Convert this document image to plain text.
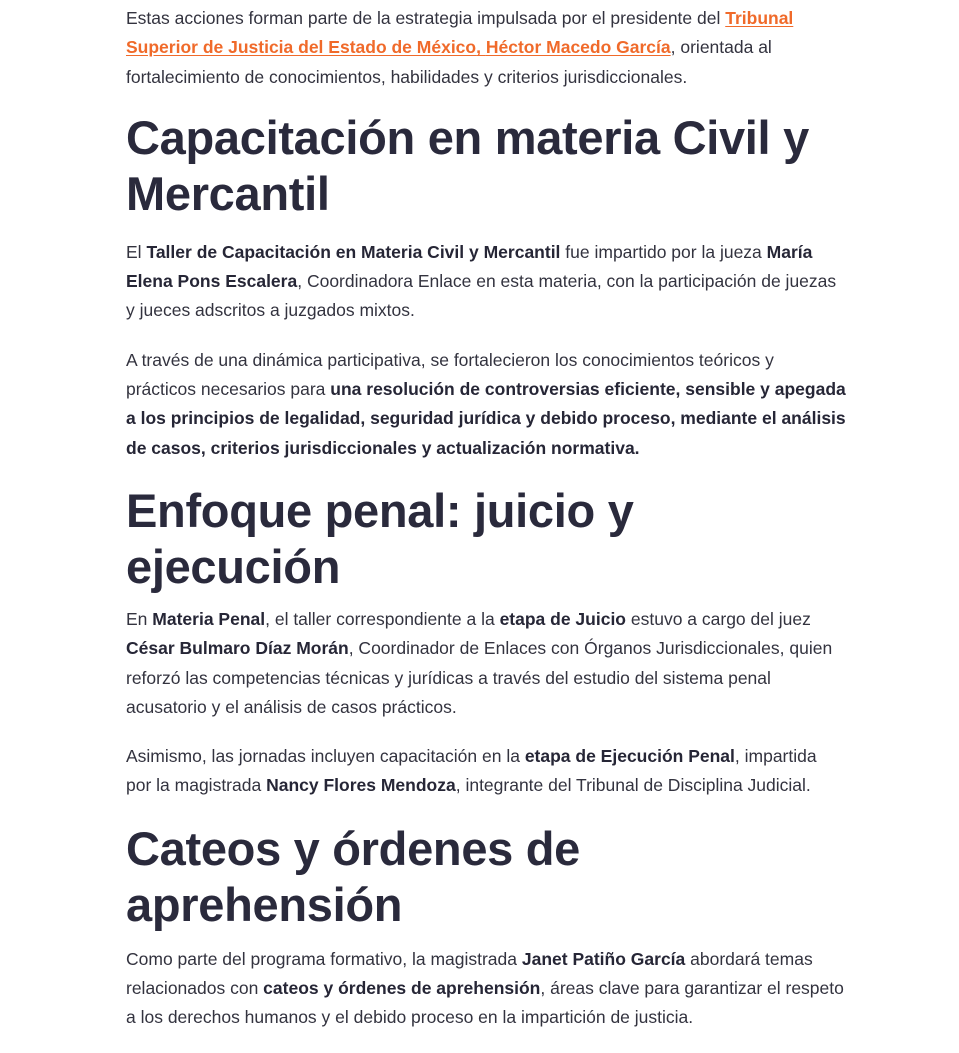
Estas acciones forman parte de la estrategia impulsada por el presidente del Tribunal Superior de Justicia del Estado de México, Héctor Macedo García, orientada al fortalecimiento de conocimientos, habilidades y criterios jurisdiccionales.

Capacitación en materia Civil y Mercantil

El Taller de Capacitación en Materia Civil y Mercantil fue impartido por la jueza María Elena Pons Escalera, Coordinadora Enlace en esta materia, con la participación de juezas y jueces adscritos a juzgados mixtos.

A través de una dinámica participativa, se fortalecieron los conocimientos teóricos y prácticos necesarios para una resolución de controversias eficiente, sensible y apegada a los principios de legalidad, seguridad jurídica y debido proceso, mediante el análisis de casos, criterios jurisdiccionales y actualización normativa.

Enfoque penal: juicio y ejecución

En Materia Penal, el taller correspondiente a la etapa de Juicio estuvo a cargo del juez César Bulmaro Díaz Morán, Coordinador de Enlaces con Órganos Jurisdiccionales, quien reforzó las competencias técnicas y jurídicas a través del estudio del sistema penal acusatorio y el análisis de casos prácticos.

Asimismo, las jornadas incluyen capacitación en la etapa de Ejecución Penal, impartida por la magistrada Nancy Flores Mendoza, integrante del Tribunal de Disciplina Judicial.

Cateos y órdenes de aprehensión

Como parte del programa formativo, la magistrada Janet Patiño García abordará temas relacionados con cateos y órdenes de aprehensión, áreas clave para garantizar el respeto a los derechos humanos y el debido proceso en la impartición de justicia.
